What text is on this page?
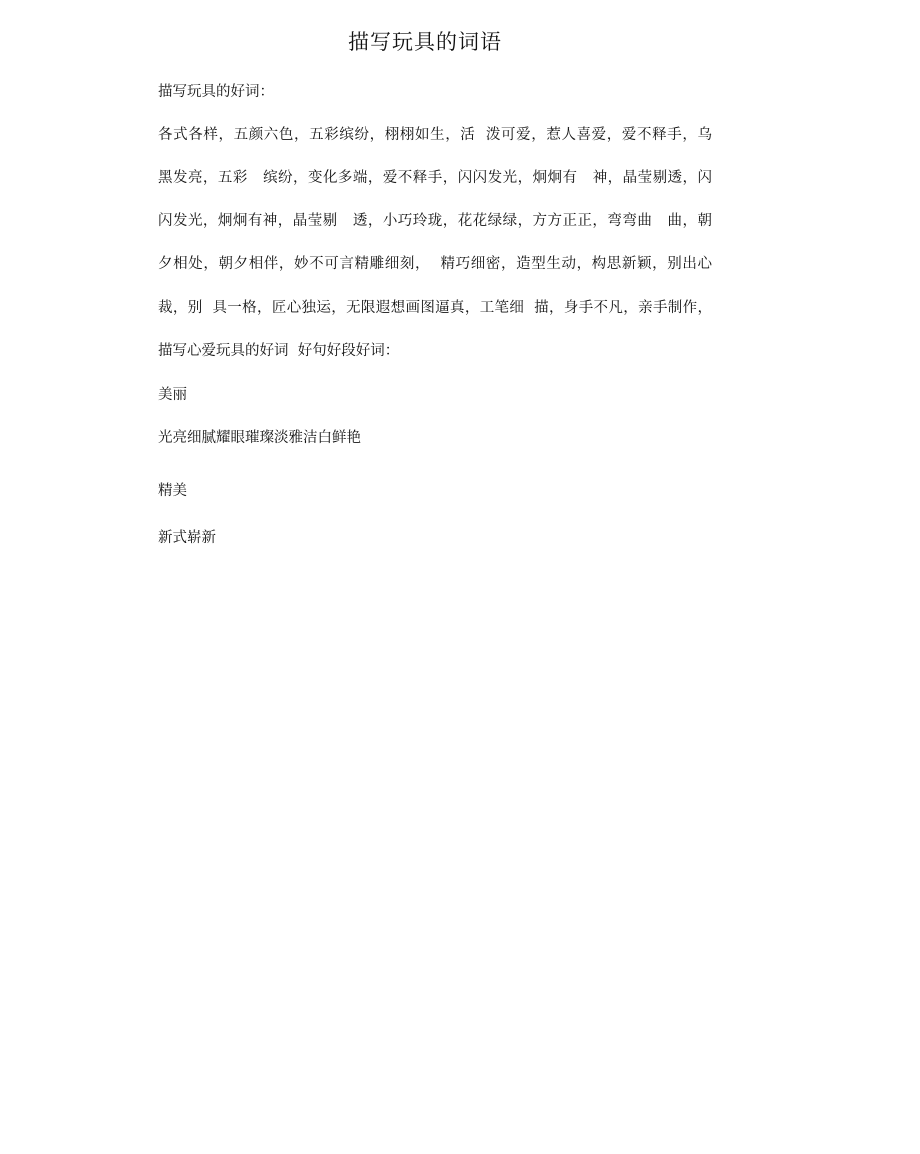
描写玩具的词语
描写玩具的好词：
各式各样，五颜六色，五彩缤纷，栩栩如生，活  泼可爱，惹人喜爱，爱不释手，乌
黑发亮，五彩   缤纷，变化多端，爱不释手，闪闪发光，炯炯有   神，晶莹剔透，闪
闪发光，炯炯有神，晶莹剔   透，小巧玲珑，花花绿绿，方方正正，弯弯曲   曲，朝
夕相处，朝夕相伴，妙不可言精雕细刻，  精巧细密，造型生动，构思新颖，别出心
裁，别  具一格，匠心独运，无限遐想画图逼真，工笔细  描，身手不凡，亲手制作，
描写心爱玩具的好词  好句好段好词：
美丽
光亮细腻耀眼璀璨淡雅洁白鲜艳
精美
新式崭新
